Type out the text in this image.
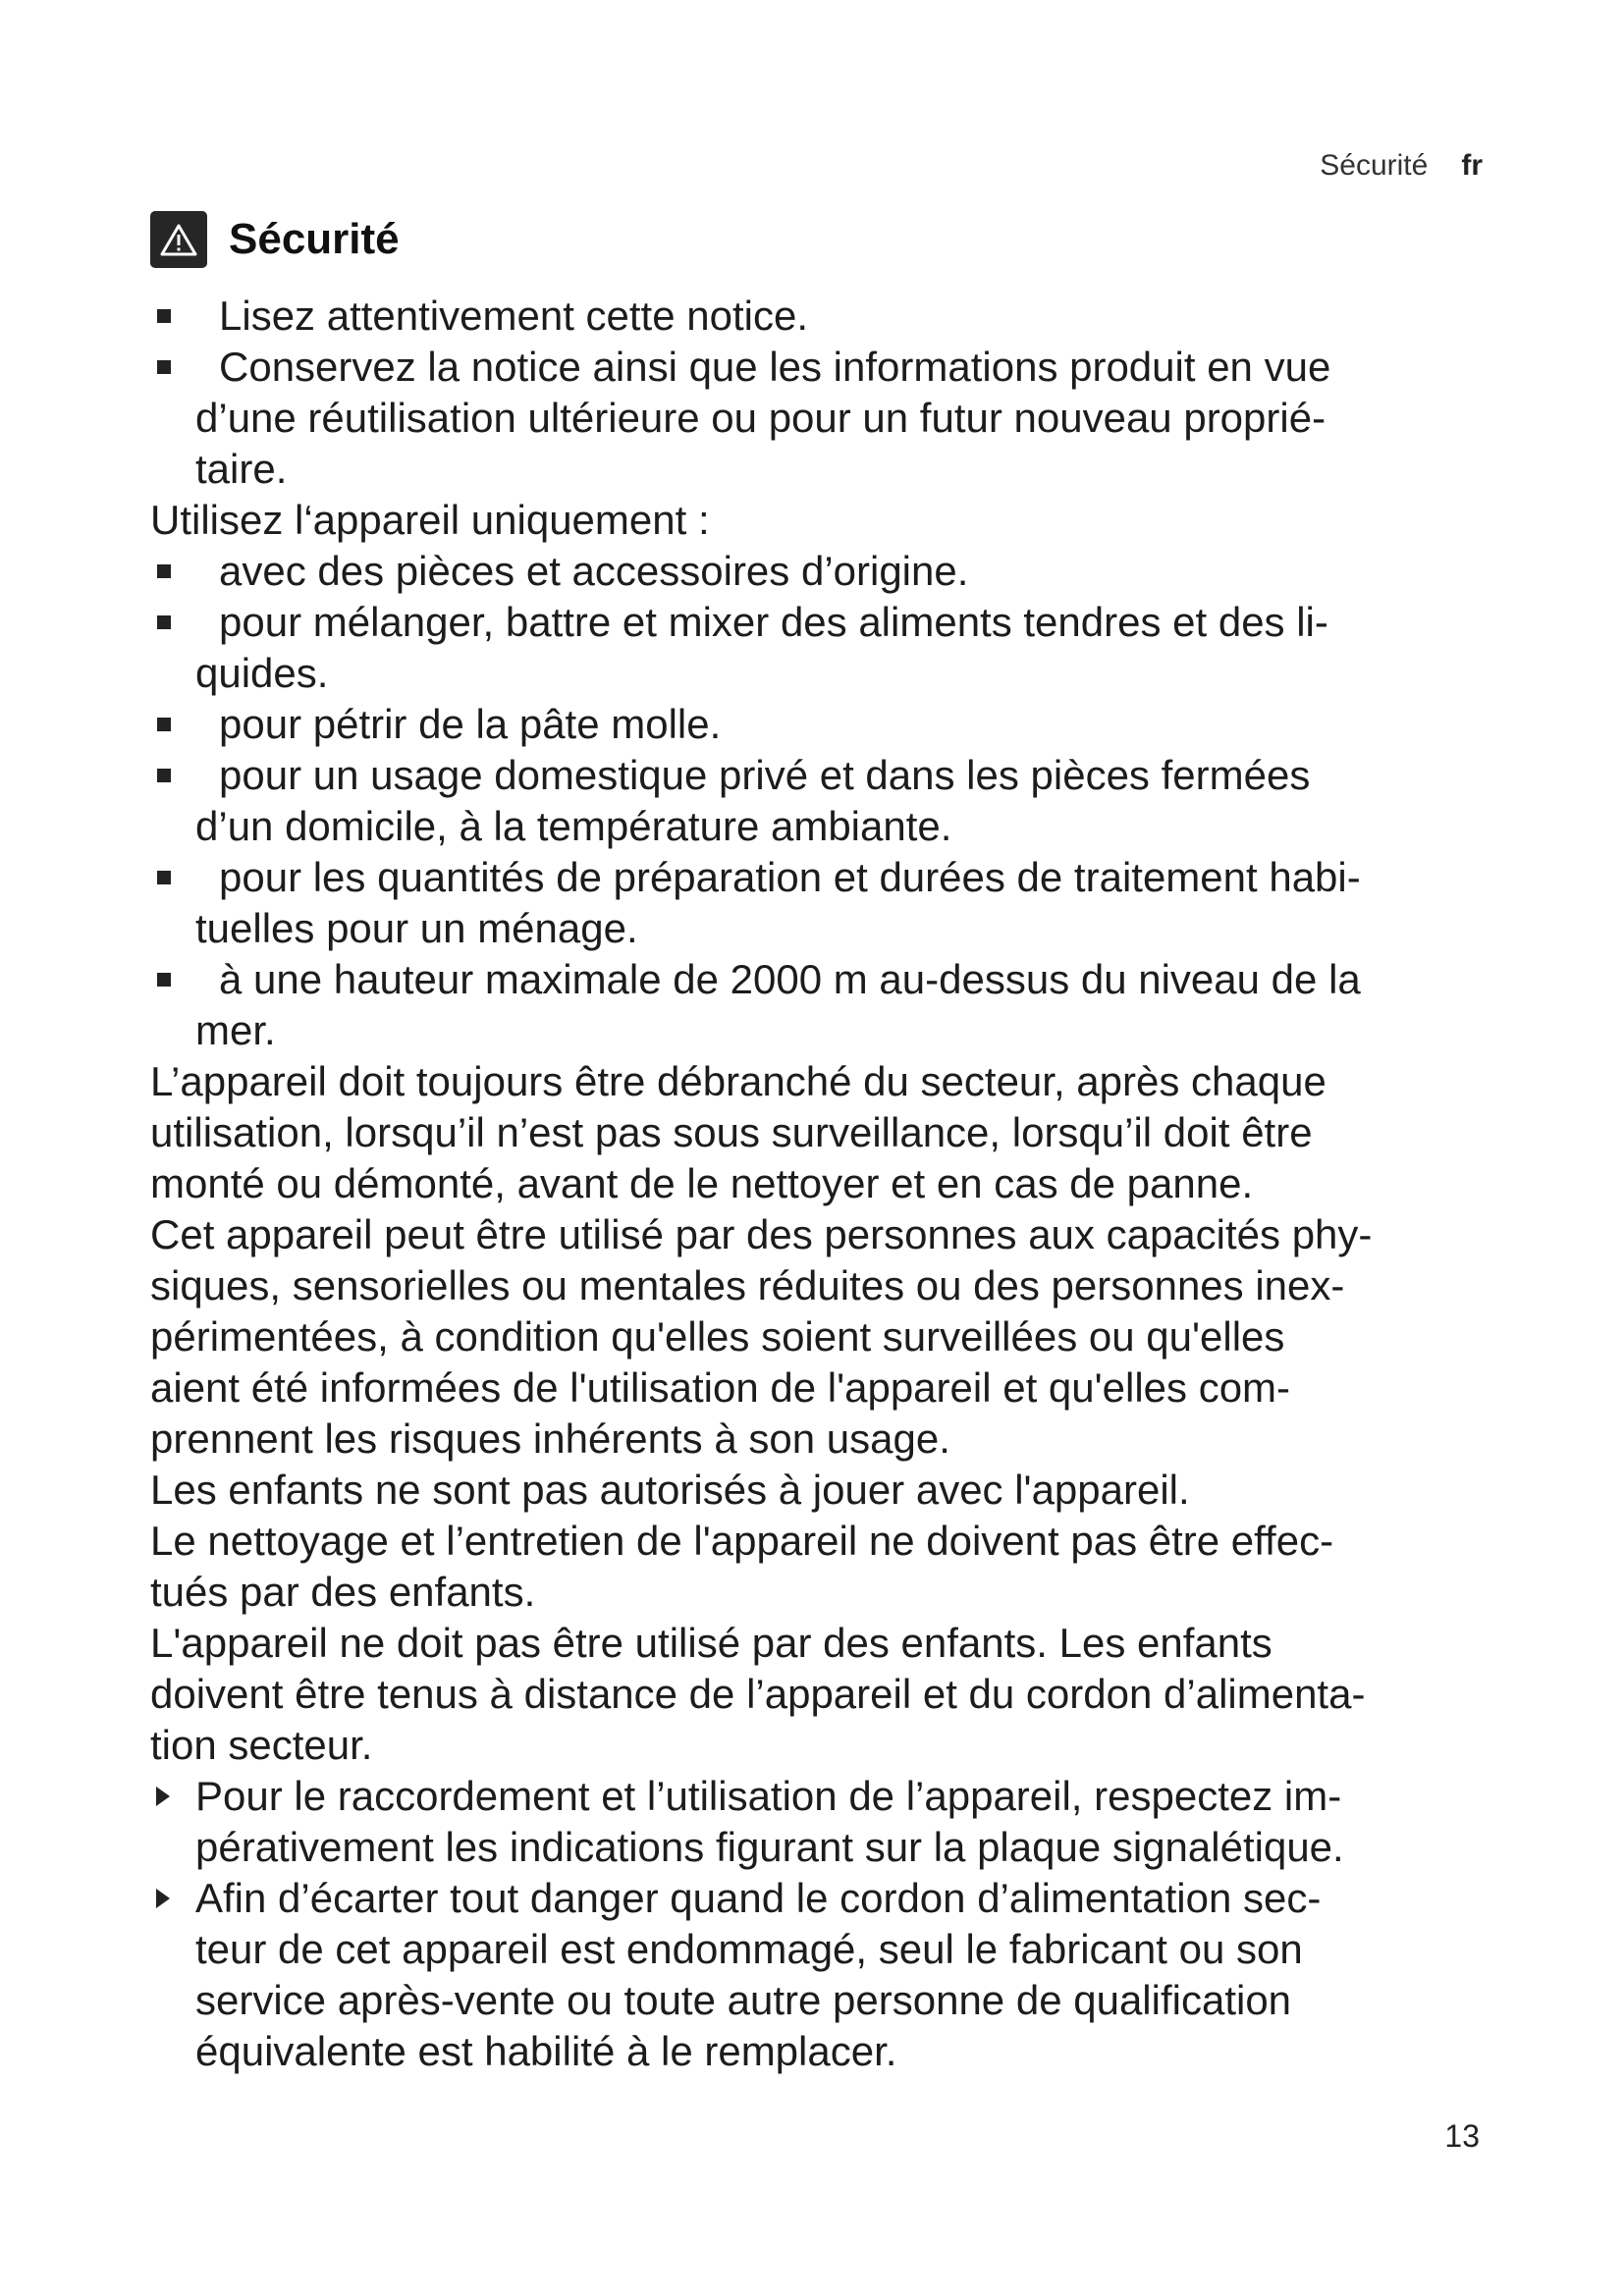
Sécurité fr
Sécurité
Lisez attentivement cette notice.
Conservez la notice ainsi que les informations produit en vue
d’une réutilisation ultérieure ou pour un futur nouveau proprié-
taire.
Utilisez l‘appareil uniquement :
avec des pièces et accessoires d’origine.
pour mélanger, battre et mixer des aliments tendres et des li-
quides.
pour pétrir de la pâte molle.
pour un usage domestique privé et dans les pièces fermées
d’un domicile, à la température ambiante.
pour les quantités de préparation et durées de traitement habi-
tuelles pour un ménage.
à une hauteur maximale de 2000 m au-dessus du niveau de la
mer.
L’appareil doit toujours être débranché du secteur, après chaque
utilisation, lorsqu’il n’est pas sous surveillance, lorsqu’il doit être
monté ou démonté, avant de le nettoyer et en cas de panne.
Cet appareil peut être utilisé par des personnes aux capacités phy-
siques, sensorielles ou mentales réduites ou des personnes inex-
périmentées, à condition qu'elles soient surveillées ou qu'elles
aient été informées de l'utilisation de l'appareil et qu'elles com-
prennent les risques inhérents à son usage.
Les enfants ne sont pas autorisés à jouer avec l'appareil.
Le nettoyage et l’entretien de l'appareil ne doivent pas être effec-
tués par des enfants.
L'appareil ne doit pas être utilisé par des enfants. Les enfants
doivent être tenus à distance de l’appareil et du cordon d’alimenta-
tion secteur.
Pour le raccordement et l’utilisation de l’appareil, respectez im-
pérativement les indications figurant sur la plaque signalétique.
Afin d’écarter tout danger quand le cordon d’alimentation sec-
teur de cet appareil est endommagé, seul le fabricant ou son
service après-vente ou toute autre personne de qualification
équivalente est habilité à le remplacer.
13
